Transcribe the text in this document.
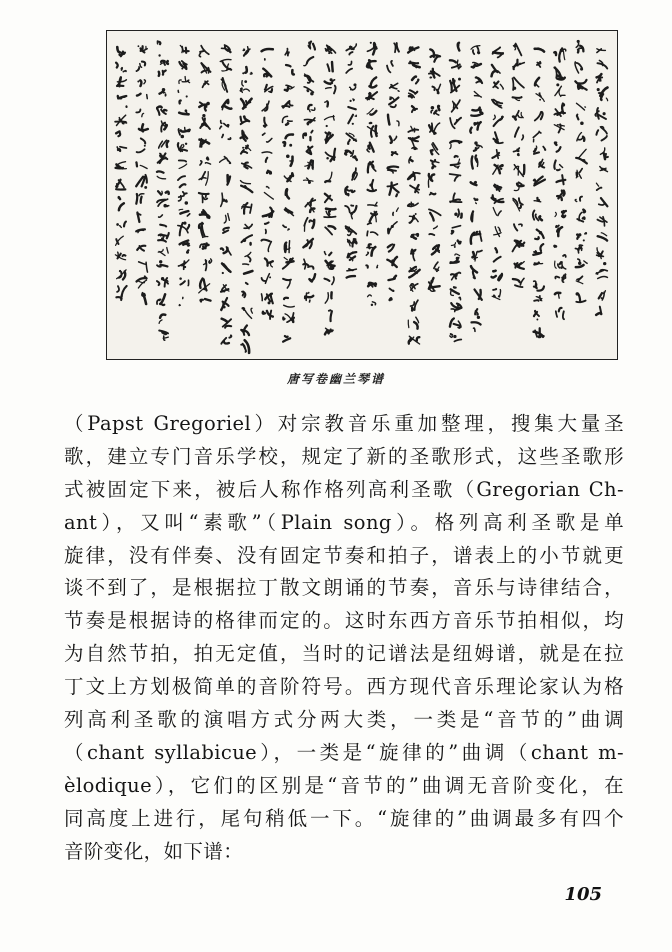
唐写卷幽兰琴谱
（Papst Gregoriel）对宗教音乐重加整理，搜集大量圣
歌，建立专门音乐学校，规定了新的圣歌形式，这些圣歌形
式被固定下来，被后人称作格列高利圣歌（Gregorian Ch-
ant），又叫“素歌”（Plain song）。格列高利圣歌是单
旋律，没有伴奏、没有固定节奏和拍子，谱表上的小节就更
谈不到了，是根据拉丁散文朗诵的节奏，音乐与诗律结合，
节奏是根据诗的格律而定的。这时东西方音乐节拍相似，均
为自然节拍，拍无定值，当时的记谱法是纽姆谱，就是在拉
丁文上方划极简单的音阶符号。西方现代音乐理论家认为格
列高利圣歌的演唱方式分两大类，一类是“音节的”曲调
（chant syllabicue），一类是“旋律的”曲调（chant m-
èlodique），它们的区别是“音节的”曲调无音阶变化，在
同高度上进行，尾句稍低一下。“旋律的”曲调最多有四个
音阶变化，如下谱：
105
